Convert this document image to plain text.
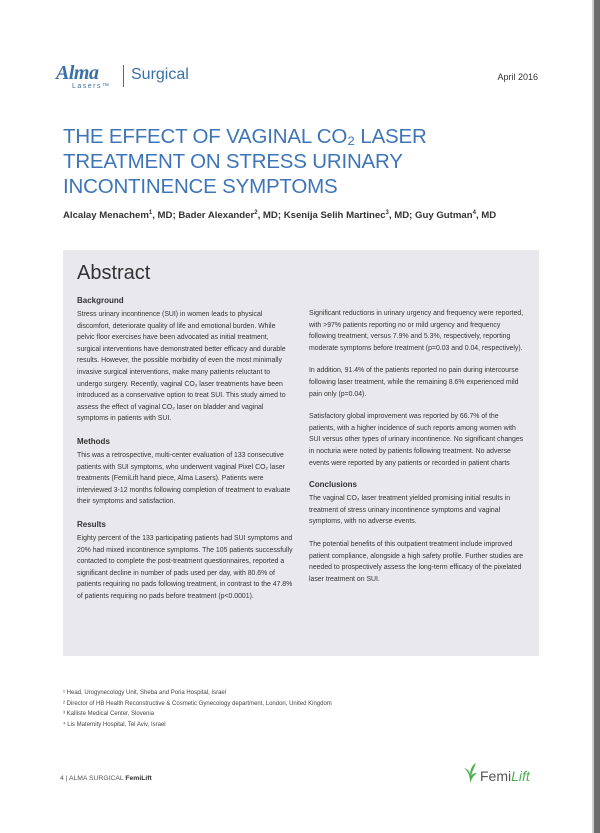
Alma
Lasers™
Surgical	April 2016
THE EFFECT OF VAGINAL CO₂ LASER TREATMENT ON STRESS URINARY INCONTINENCE SYMPTOMS
Alcalay Menachem$^1$, MD; Bader Alexander$^2$, MD; Ksenija Selih Martinec$^3$, MD; Guy Gutman$^4$, MD
Abstract
Background

Stress urinary incontinence (SUI) in women leads to physical discomfort, deteriorate quality of life and emotional burden. While pelvic floor exercises have been advocated as initial treatment, surgical interventions have demonstrated better efficacy and durable results. However, the possible morbidity of even the most minimally invasive surgical interventions, make many patients reluctant to undergo surgery. Recently, vaginal CO₂ laser treatments have been introduced as a conservative option to treat SUI. This study aimed to assess the effect of vaginal CO₂ laser on bladder and vaginal symptoms in patients with SUI.

Methods

This was a retrospective, multi-center evaluation of 133 consecutive patients with SUI symptoms, who underwent vaginal Pixel CO₂ laser treatments (FemiLift hand piece, Alma Lasers). Patients were interviewed 3-12 months following completion of treatment to evaluate their symptoms and satisfaction.

Results

Eighty percent of the 133 participating patients had SUI symptoms and 20% had mixed incontinence symptoms. The 105 patients successfully contacted to complete the post-treatment questionnaires, reported a significant decline in number of pads used per day, with 80.6% of patients requiring no pads following treatment, in contrast to the 47.8% of patients requiring no pads before treatment (p<0.0001).

Significant reductions in urinary urgency and frequency were reported, with >97% patients reporting no or mild urgency and frequency following treatment, versus 7.9% and 5.3%, respectively, reporting moderate symptoms before treatment (p=0.03 and 0.04, respectively).

In addition, 91.4% of the patients reported no pain during intercourse following laser treatment, while the remaining 8.6% experienced mild pain only (p=0.04).

Satisfactory global improvement was reported by 66.7% of the patients, with a higher incidence of such reports among women with SUI versus other types of urinary incontinence. No significant changes in nocturia were noted by patients following treatment. No adverse events were reported by any patients or recorded in patient charts

Conclusions

The vaginal CO₂ laser treatment yielded promising initial results in treatment of stress urinary incontinence symptoms and vaginal symptoms, with no adverse events.

The potential benefits of this outpatient treatment include improved patient compliance, alongside a high safety profile. Further studies are needed to prospectively assess the long-term efficacy of the pixelated laser treatment on SUI.

¹ Head, Urogynecology Unit, Sheba and Poria Hospital, Israel
² Director of HB Health Reconstructive & Cosmetic Gynecology department, London, United Kingdom
³ Kalliste Medical Center, Slovenia
⁴ Lis Maternity Hospital, Tel Aviv, Israel
4 | ALMA SURGICAL FemiLift	FemiLift
